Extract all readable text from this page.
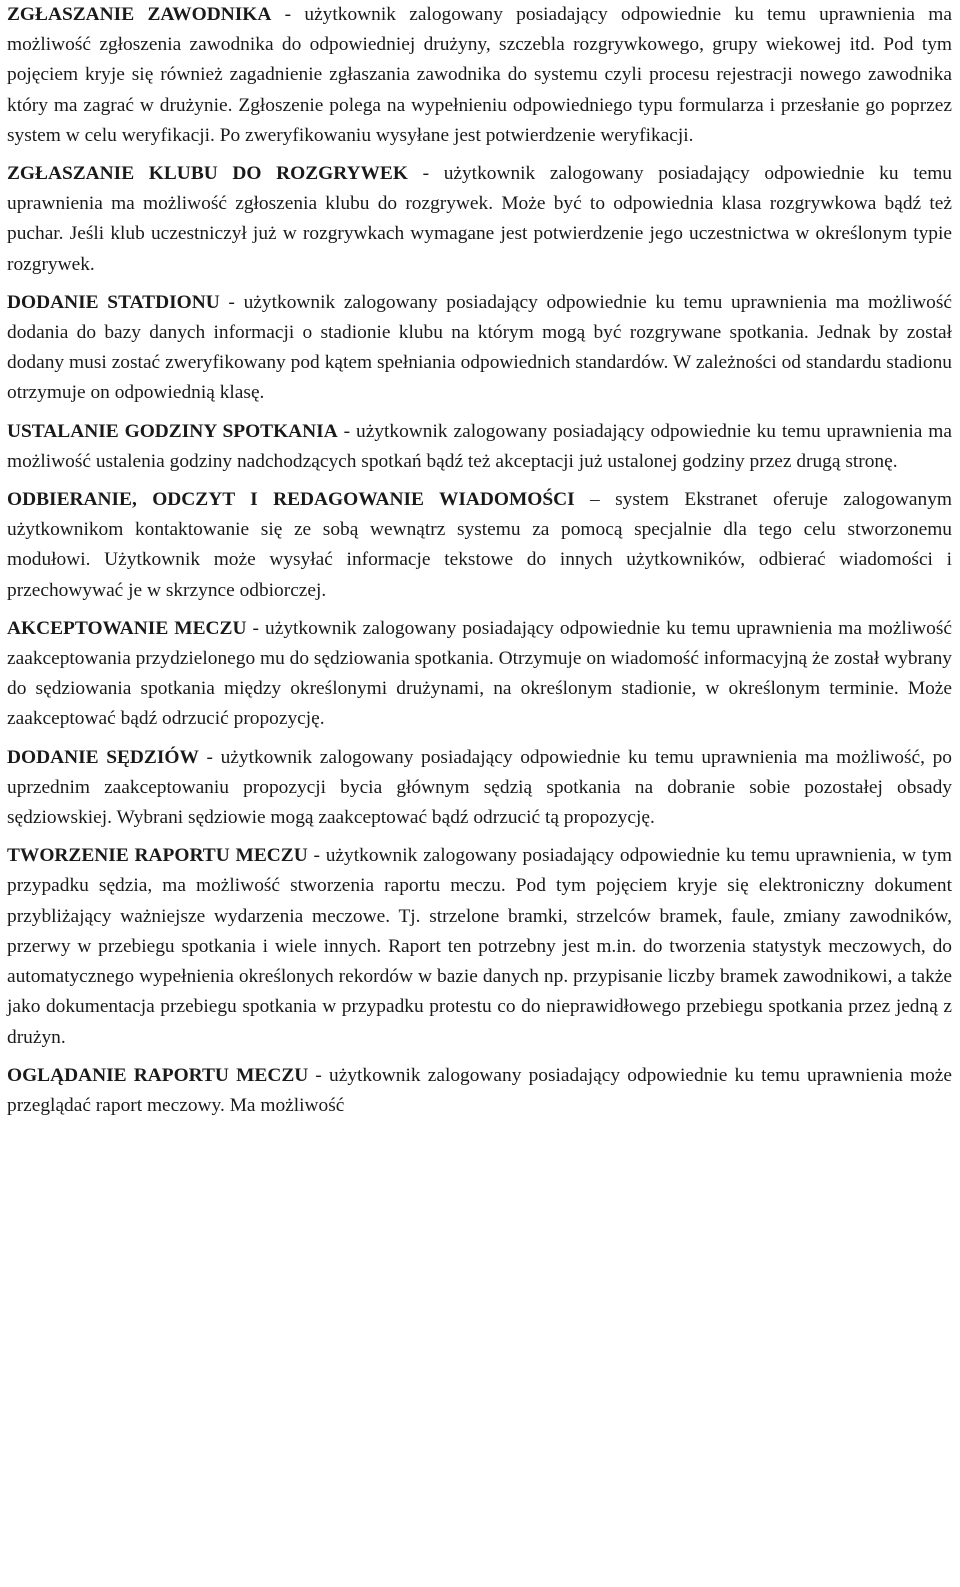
ZGŁASZANIE ZAWODNIKA - użytkownik zalogowany posiadający odpowiednie ku temu uprawnienia ma możliwość zgłoszenia zawodnika do odpowiedniej drużyny, szczebla rozgrywkowego, grupy wiekowej itd. Pod tym pojęciem kryje się również zagadnienie zgłaszania zawodnika do systemu czyli procesu rejestracji nowego zawodnika który ma zagrać w drużynie. Zgłoszenie polega na wypełnieniu odpowiedniego typu formularza i przesłanie go poprzez system w celu weryfikacji. Po zweryfikowaniu wysyłane jest potwierdzenie weryfikacji.

ZGŁASZANIE KLUBU DO ROZGRYWEK - użytkownik zalogowany posiadający odpowiednie ku temu uprawnienia ma możliwość zgłoszenia klubu do rozgrywek. Może być to odpowiednia klasa rozgrywkowa bądź też puchar. Jeśli klub uczestniczył już w rozgrywkach wymagane jest potwierdzenie jego uczestnictwa w określonym typie rozgrywek.

DODANIE STATDIONU - użytkownik zalogowany posiadający odpowiednie ku temu uprawnienia ma możliwość dodania do bazy danych informacji o stadionie klubu na którym mogą być rozgrywane spotkania. Jednak by został dodany musi zostać zweryfikowany pod kątem spełniania odpowiednich standardów. W zależności od standardu stadionu otrzymuje on odpowiednią klasę.

USTALANIE GODZINY SPOTKANIA - użytkownik zalogowany posiadający odpowiednie ku temu uprawnienia ma możliwość ustalenia godziny nadchodzących spotkań bądź też akceptacji już ustalonej godziny przez drugą stronę.

ODBIERANIE, ODCZYT I REDAGOWANIE WIADOMOŚCI – system Ekstranet oferuje zalogowanym użytkownikom kontaktowanie się ze sobą wewnątrz systemu za pomocą specjalnie dla tego celu stworzonemu modułowi. Użytkownik może wysyłać informacje tekstowe do innych użytkowników, odbierać wiadomości i przechowywać je w skrzynce odbiorczej.

AKCEPTOWANIE MECZU - użytkownik zalogowany posiadający odpowiednie ku temu uprawnienia ma możliwość zaakceptowania przydzielonego mu do sędziowania spotkania. Otrzymuje on wiadomość informacyjną że został wybrany do sędziowania spotkania między określonymi drużynami, na określonym stadionie, w określonym terminie. Może zaakceptować bądź odrzucić propozycję.

DODANIE SĘDZIÓW - użytkownik zalogowany posiadający odpowiednie ku temu uprawnienia ma możliwość, po uprzednim zaakceptowaniu propozycji bycia głównym sędzią spotkania na dobranie sobie pozostałej obsady sędziowskiej. Wybrani sędziowie mogą zaakceptować bądź odrzucić tą propozycję.

TWORZENIE RAPORTU MECZU - użytkownik zalogowany posiadający odpowiednie ku temu uprawnienia, w tym przypadku sędzia, ma możliwość stworzenia raportu meczu. Pod tym pojęciem kryje się elektroniczny dokument przybliżający ważniejsze wydarzenia meczowe. Tj. strzelone bramki, strzelców bramek, faule, zmiany zawodników, przerwy w przebiegu spotkania i wiele innych. Raport ten potrzebny jest m.in. do tworzenia statystyk meczowych, do automatycznego wypełnienia określonych rekordów w bazie danych np. przypisanie liczby bramek zawodnikowi, a także jako dokumentacja przebiegu spotkania w przypadku protestu co do nieprawidłowego przebiegu spotkania przez jedną z drużyn.

OGLĄDANIE RAPORTU MECZU - użytkownik zalogowany posiadający odpowiednie ku temu uprawnienia może przeglądać raport meczowy. Ma możliwość
